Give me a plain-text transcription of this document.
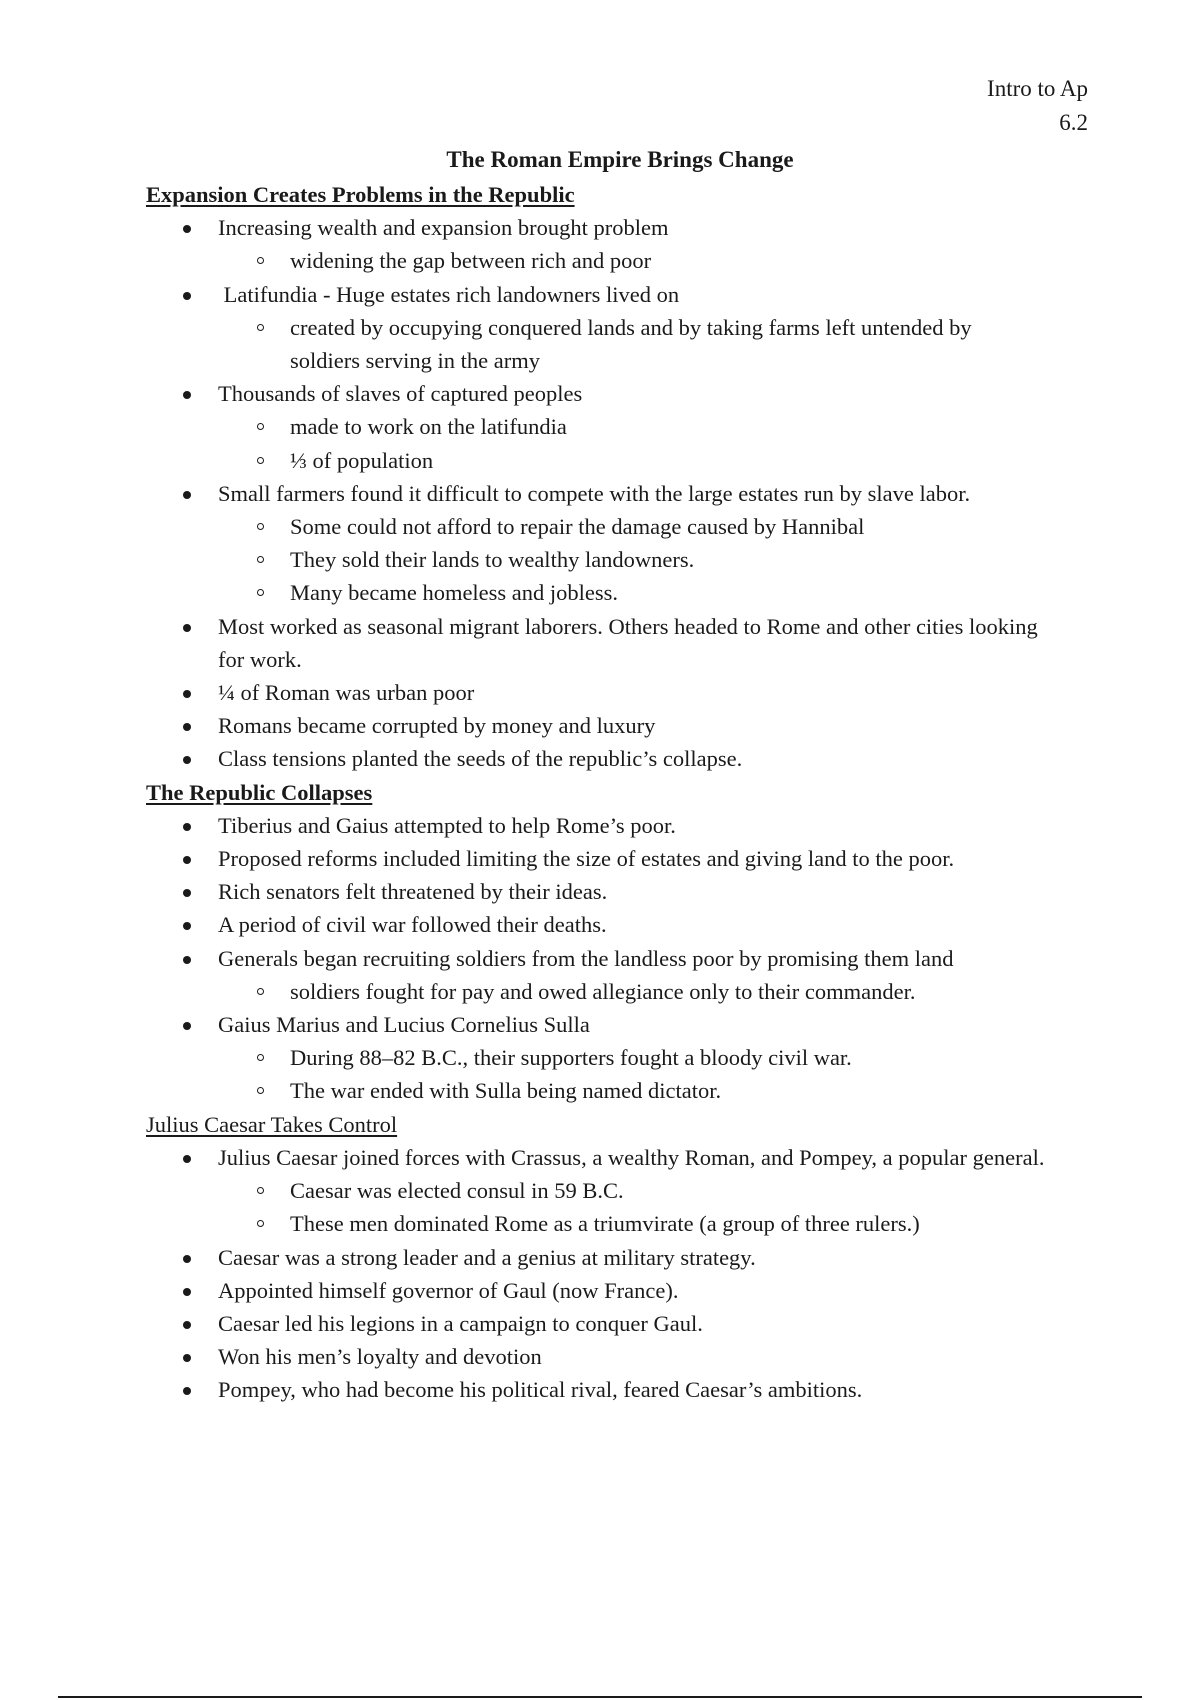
Intro to Ap
6.2
The Roman Empire Brings Change
Expansion Creates Problems in the Republic
Increasing wealth and expansion brought problem
widening the gap between rich and poor
Latifundia - Huge estates rich landowners lived on
created by occupying conquered lands and by taking farms left untended by soldiers serving in the army
Thousands of slaves of captured peoples
made to work on the latifundia
⅓ of population
Small farmers found it difficult to compete with the large estates run by slave labor.
Some could not afford to repair the damage caused by Hannibal
They sold their lands to wealthy landowners.
Many became homeless and jobless.
Most worked as seasonal migrant laborers. Others headed to Rome and other cities looking for work.
¼ of Roman was urban poor
Romans became corrupted by money and luxury
Class tensions planted the seeds of the republic’s collapse.
The Republic Collapses
Tiberius and Gaius attempted to help Rome’s poor.
Proposed reforms included limiting the size of estates and giving land to the poor.
Rich senators felt threatened by their ideas.
A period of civil war followed their deaths.
Generals began recruiting soldiers from the landless poor by promising them land
soldiers fought for pay and owed allegiance only to their commander.
Gaius Marius and Lucius Cornelius Sulla
During 88–82 B.C., their supporters fought a bloody civil war.
The war ended with Sulla being named dictator.
Julius Caesar Takes Control
Julius Caesar joined forces with Crassus, a wealthy Roman, and Pompey, a popular general.
Caesar was elected consul in 59 B.C.
These men dominated Rome as a triumvirate (a group of three rulers.)
Caesar was a strong leader and a genius at military strategy.
Appointed himself governor of Gaul (now France).
Caesar led his legions in a campaign to conquer Gaul.
Won his men’s loyalty and devotion
Pompey, who had become his political rival, feared Caesar’s ambitions.
